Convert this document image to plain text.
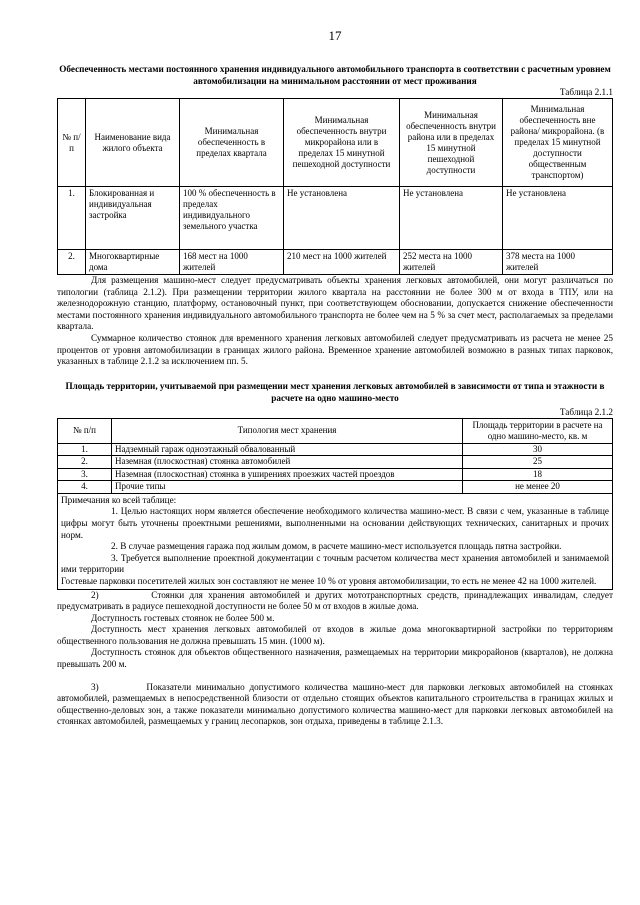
17
Обеспеченность местами постоянного хранения индивидуального автомобильного транспорта в соответствии с расчетным уровнем автомобилизации на минимальном расстоянии от мест проживания
Таблица 2.1.1
№ п/п	Наименование вида жилого объекта	Минимальная обеспеченность в пределах квартала	Минимальная обеспеченность внутри микрорайона или в пределах 15 минутной пешеходной доступности	Минимальная обеспеченность внутри района или в пределах 15 минутной пешеходной доступности	Минимальная обеспеченность вне района/ микрорайона. (в пределах 15 минутной доступности общественным транспортом)
1.	Блокированная и индивидуальная застройка	100 % обеспеченность в пределах индивидуального земельного участка	Не установлена	Не установлена	Не установлена
2.	Многоквартирные дома	168 мест на 1000 жителей	210 мест на 1000 жителей	252 места на 1000 жителей	378 места на 1000 жителей

Для размещения машино-мест следует предусматривать объекты хранения легковых автомобилей, они могут различаться по типологии (таблица 2.1.2). При размещении территории жилого квартала на расстоянии не более 300 м от входа в ТПУ, или на железнодорожную станцию, платформу, остановочный пункт, при соответствующем обосновании, допускается снижение обеспеченности местами постоянного хранения индивидуального автомобильного транспорта не более чем на 5 % за счет мест, располагаемых за пределами квартала.

Суммарное количество стоянок для временного хранения легковых автомобилей следует предусматривать из расчета не менее 25 процентов от уровня автомобилизации в границах жилого района. Временное хранение автомобилей возможно в разных типах парковок, указанных в таблице 2.1.2 за исключением пп. 5.

Площадь территории, учитываемой при размещении мест хранения легковых автомобилей в зависимости от типа и этажности в расчете на одно машино-место
Таблица 2.1.2
№ п/п	Типология мест хранения	Площадь территории в расчете на одно машино-место, кв. м
1.	Надземный гараж одноэтажный обвалованный	30
2.	Наземная (плоскостная) стоянка автомобилей	25
3.	Наземная (плоскостная) стоянка в уширениях проезжих частей проездов	18
4.	Прочие типы	не менее 20

Примечания ко всей таблице:

1. Целью настоящих норм является обеспечение необходимого количества машино-мест. В связи с чем, указанные в таблице цифры могут быть уточнены проектными решениями, выполненными на основании действующих технических, санитарных и прочих норм.

2. В случае размещения гаража под жилым домом, в расчете машино-мест используется площадь пятна застройки.

3. Требуется выполнение проектной документации с точным расчетом количества мест хранения автомобилей и занимаемой ими территории

Гостевые парковки посетителей жилых зон составляют не менее 10 % от уровня автомобилизации, то есть не менее 42 на 1000 жителей.

2)          Стоянки для хранения автомобилей и других мототранспортных средств, принадлежащих инвалидам, следует предусматривать в радиусе пешеходной доступности не более 50 м от входов в жилые дома.

Доступность гостевых стоянок не более 500 м.

Доступность мест хранения легковых автомобилей от входов в жилые дома многоквартирной застройки по территориям общественного пользования не должна превышать 15 мин. (1000 м).

Доступность стоянок для объектов общественного назначения, размещаемых на территории микрорайонов (кварталов), не должна превышать 200 м.

3)          Показатели минимально допустимого количества машино-мест для парковки легковых автомобилей на стоянках автомобилей, размещаемых в непосредственной близости от отдельно стоящих объектов капитального строительства в границах жилых и общественно-деловых зон, а также показатели минимально допустимого количества машино-мест для парковки легковых автомобилей на стоянках автомобилей, размещаемых у границ лесопарков, зон отдыха, приведены в таблице 2.1.3.
